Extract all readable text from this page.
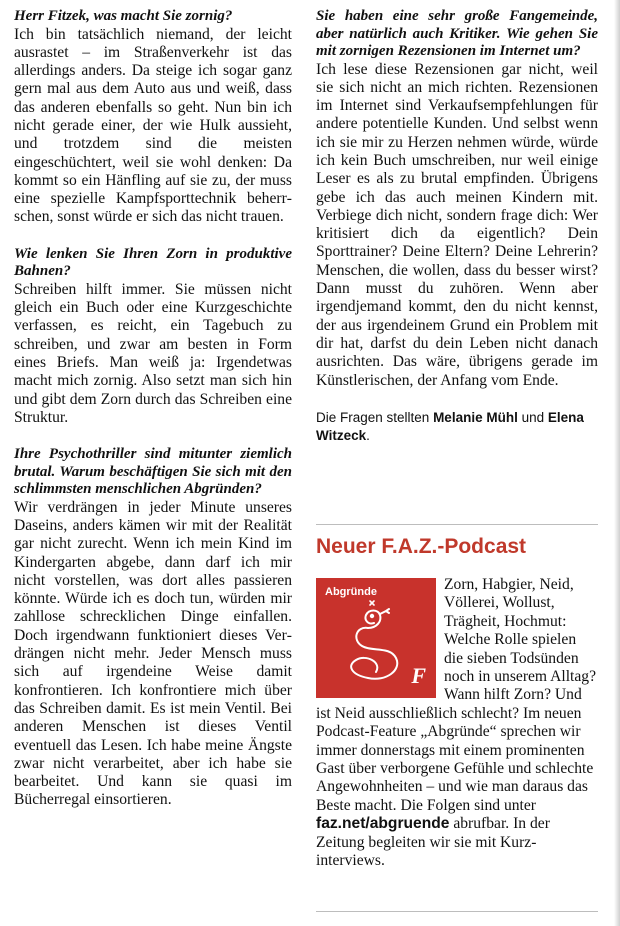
Herr Fitzek, was macht Sie zornig?

Ich bin tatsächlich niemand, der leicht ausrastet – im Straßenverkehr ist das allerdings anders. Da steige ich sogar ganz gern mal aus dem Auto aus und weiß, dass das anderen ebenfalls so geht. Nun bin ich nicht gerade einer, der wie Hulk aussieht, und trotzdem sind die meisten eingeschüchtert, weil sie wohl denken: Da kommt so ein Hänfling auf sie zu, der muss eine spezielle Kampfsporttechnik beherrschen, sonst würde er sich das nicht trauen.

Wie lenken Sie Ihren Zorn in produktive Bahnen?

Schreiben hilft immer. Sie müssen nicht gleich ein Buch oder eine Kurzgeschichte verfassen, es reicht, ein Tagebuch zu schreiben, und zwar am besten in Form eines Briefs. Man weiß ja: Irgendetwas macht mich zornig. Also setzt man sich hin und gibt dem Zorn durch das Schreiben eine Struktur.

Ihre Psychothriller sind mitunter ziemlich brutal. Warum beschäftigen Sie sich mit den schlimmsten menschlichen Abgründen?

Wir verdrängen in jeder Minute unseres Daseins, anders kämen wir mit der Realität gar nicht zurecht. Wenn ich mein Kind im Kindergarten abgebe, dann darf ich mir nicht vorstellen, was dort alles passieren könnte. Würde ich es doch tun, würden mir zahllose schrecklichen Dinge einfallen. Doch irgendwann funktioniert dieses Verdrängen nicht mehr. Jeder Mensch muss sich auf irgendeine Weise damit konfrontieren. Ich konfrontiere mich über das Schreiben damit. Es ist mein Ventil. Bei anderen Menschen ist dieses Ventil eventuell das Lesen. Ich habe meine Ängste zwar nicht verarbeitet, aber ich habe sie bearbeitet. Und kann sie quasi im Bücherregal einsortieren.

Sie haben eine sehr große Fangemeinde, aber natürlich auch Kritiker. Wie gehen Sie mit zornigen Rezensionen im Internet um?

Ich lese diese Rezensionen gar nicht, weil sie sich nicht an mich richten. Rezensionen im Internet sind Verkaufsempfehlungen für andere potentielle Kunden. Und selbst wenn ich sie mir zu Herzen nehmen würde, würde ich kein Buch umschreiben, nur weil einige Leser es als zu brutal empfinden. Übrigens gebe ich das auch meinen Kindern mit. Verbiege dich nicht, sondern frage dich: Wer kritisiert dich da eigentlich? Dein Sporttrainer? Deine Eltern? Deine Lehrerin? Menschen, die wollen, dass du besser wirst? Dann musst du zuhören. Wenn aber irgendjemand kommt, den du nicht kennst, der aus irgendeinem Grund ein Problem mit dir hat, darfst du dein Leben nicht danach ausrichten. Das wäre, übrigens gerade im Künstlerischen, der Anfang vom Ende.

Die Fragen stellten Melanie Mühl und Elena Witzeck.
Neuer F.A.Z.-Podcast

Zorn, Habgier, Neid, Völlerei, Wollust, Trägheit, Hochmut: Welche Rolle spielen die sieben Todsünden noch in unserem Alltag? Wann hilft Zorn? Und ist Neid ausschließlich schlecht? Im neuen Podcast-Feature „Abgründe“ sprechen wir immer donnerstags mit einem prominenten Gast über verborgene Gefühle und schlechte Angewohnheiten – und wie man daraus das Beste macht. Die Folgen sind unter faz.net/abgruende abrufbar. In der Zeitung begleiten wir sie mit Kurzinterviews.

Abgründe
F
